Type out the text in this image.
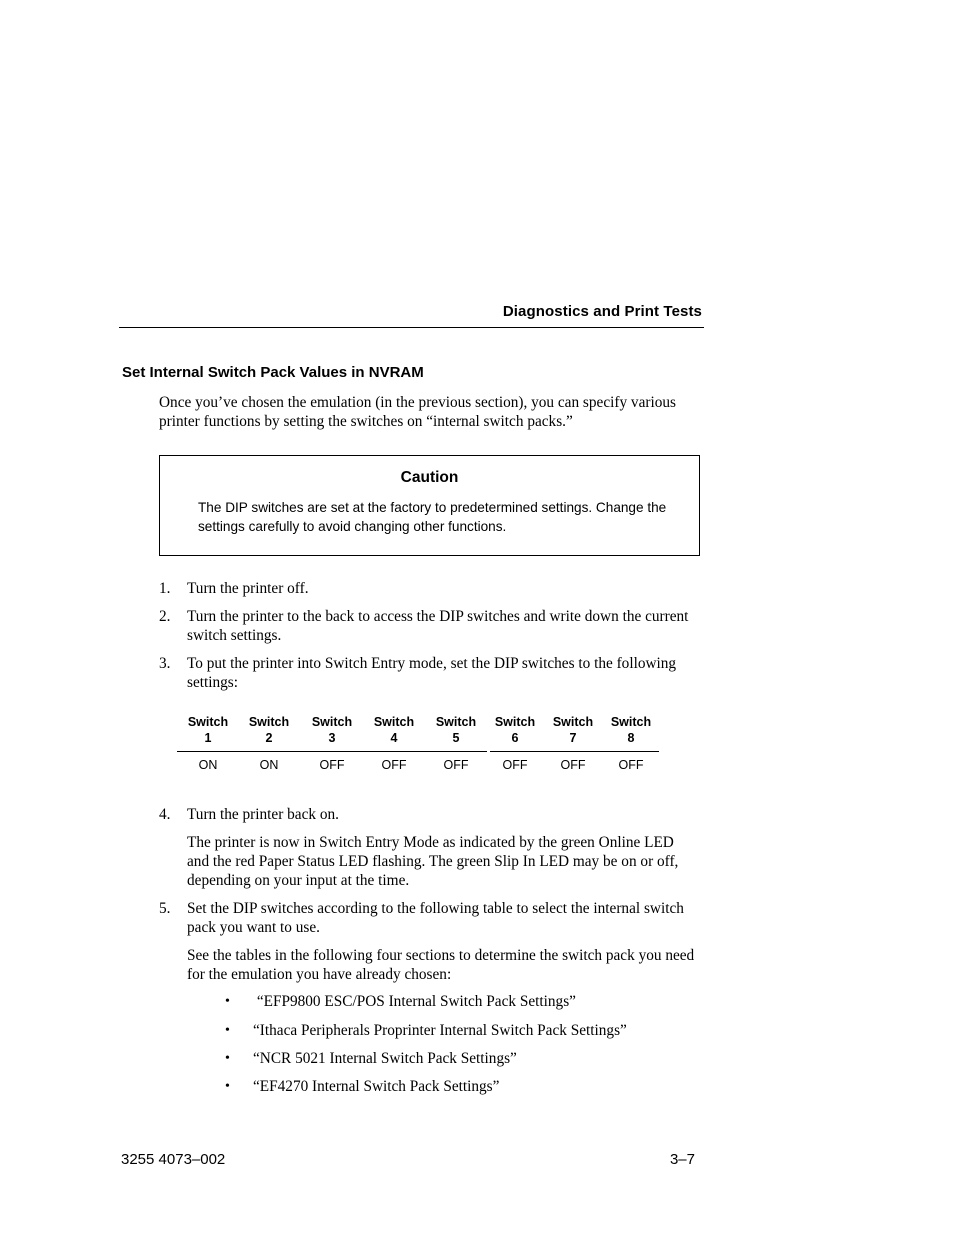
Diagnostics and Print Tests
Set Internal Switch Pack Values in NVRAM

Once you’ve chosen the emulation (in the previous section), you can specify various printer functions by setting the switches on “internal switch packs.”

Caution

The DIP switches are set at the factory to predetermined settings. Change the settings carefully to avoid changing other functions.

1. Turn the printer off.

2. Turn the printer to the back to access the DIP switches and write down the current switch settings.

3. To put the printer into Switch Entry mode, set the DIP switches to the following settings:

Switch
1
ON
Switch
2
ON
Switch
3
OFF
Switch
4
OFF
Switch
5
OFF
Switch
6
OFF
Switch
7
OFF
Switch
8
OFF
4. Turn the printer back on.

The printer is now in Switch Entry Mode as indicated by the green Online LED and the red Paper Status LED flashing. The green Slip In LED may be on or off, depending on your input at the time.

5. Set the DIP switches according to the following table to select the internal switch pack you want to use.

See the tables in the following four sections to determine the switch pack you need for the emulation you have already chosen:

• “EFP9800 ESC/POS Internal Switch Pack Settings”

• “Ithaca Peripherals Proprinter Internal Switch Pack Settings”

• “NCR 5021 Internal Switch Pack Settings”

• “EF4270 Internal Switch Pack Settings”

3255 4073–002	3–7
